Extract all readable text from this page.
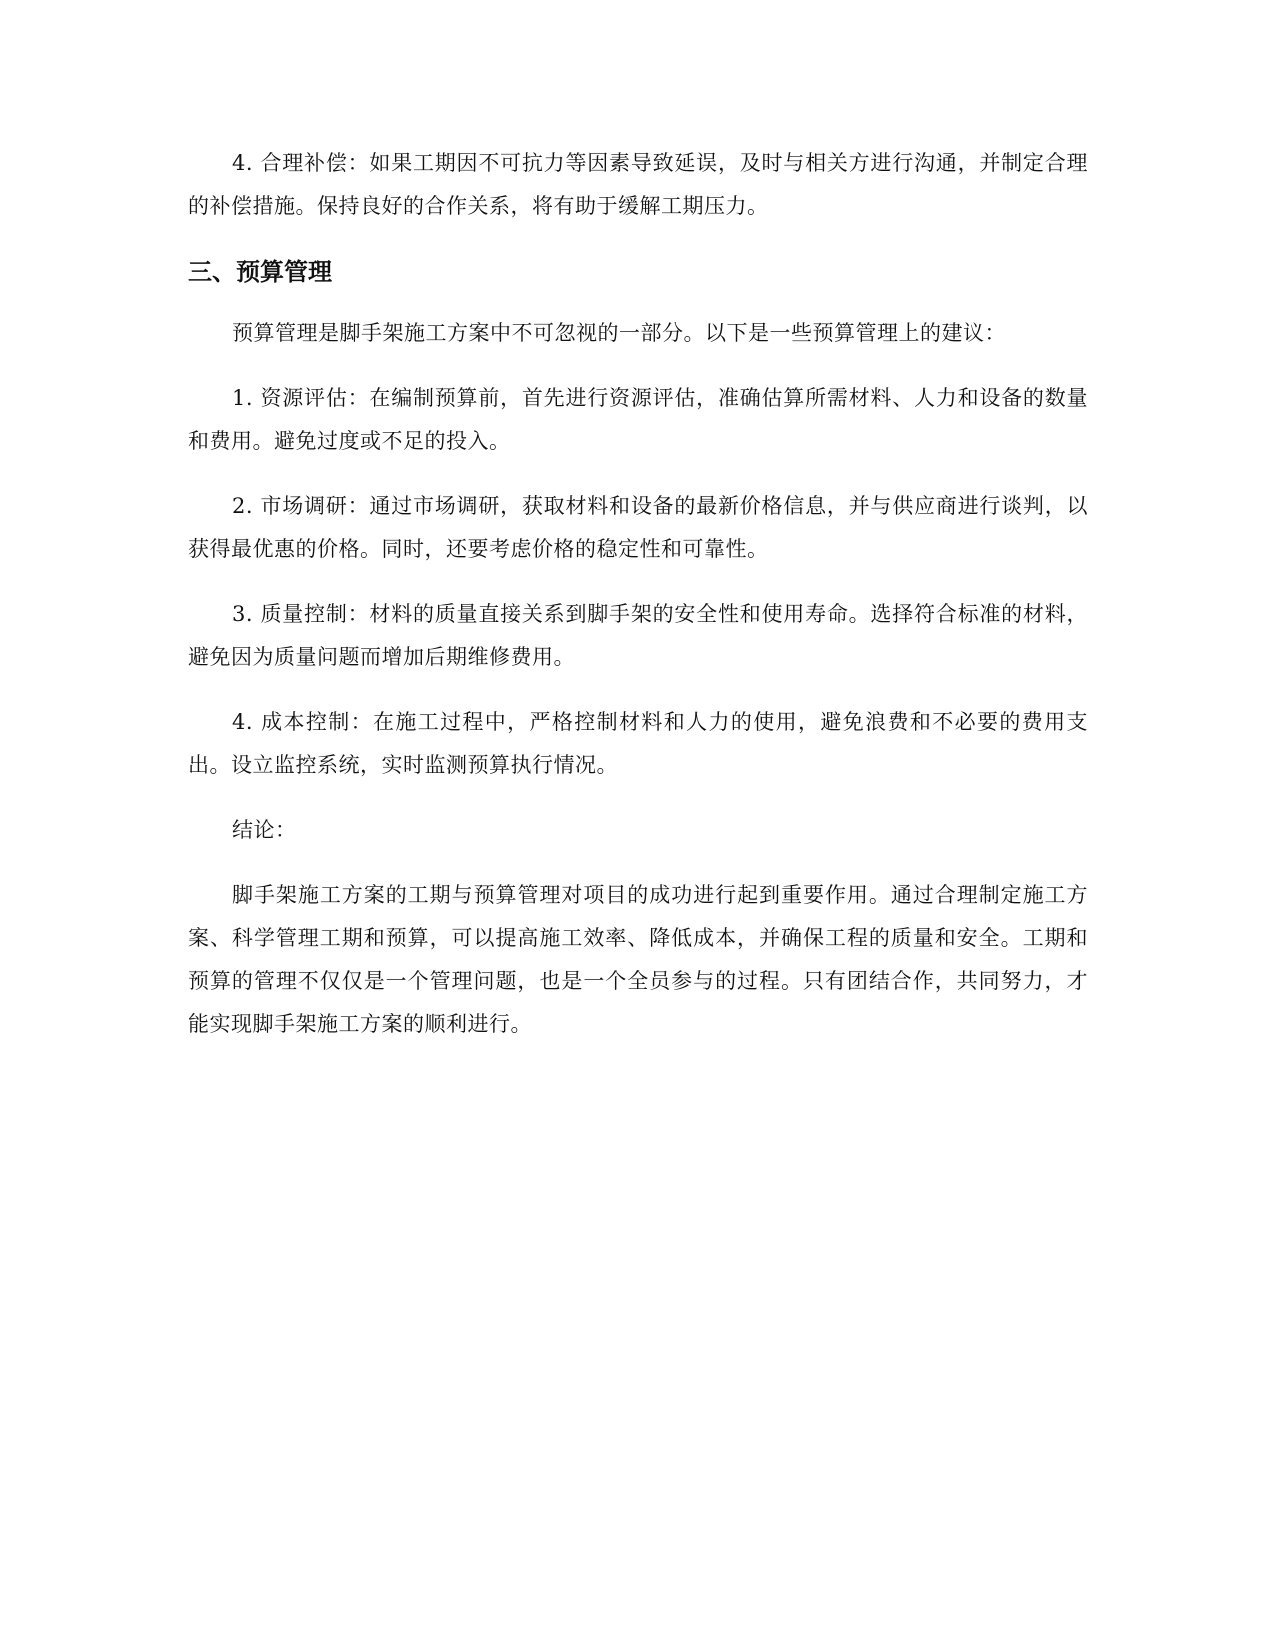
4. 合理补偿：如果工期因不可抗力等因素导致延误，及时与相关方进行沟通，并制定合理的补偿措施。保持良好的合作关系，将有助于缓解工期压力。

三、预算管理

预算管理是脚手架施工方案中不可忽视的一部分。以下是一些预算管理上的建议：

1. 资源评估：在编制预算前，首先进行资源评估，准确估算所需材料、人力和设备的数量和费用。避免过度或不足的投入。

2. 市场调研：通过市场调研，获取材料和设备的最新价格信息，并与供应商进行谈判，以获得最优惠的价格。同时，还要考虑价格的稳定性和可靠性。

3. 质量控制：材料的质量直接关系到脚手架的安全性和使用寿命。选择符合标准的材料，避免因为质量问题而增加后期维修费用。

4. 成本控制：在施工过程中，严格控制材料和人力的使用，避免浪费和不必要的费用支出。设立监控系统，实时监测预算执行情况。

结论：

脚手架施工方案的工期与预算管理对项目的成功进行起到重要作用。通过合理制定施工方案、科学管理工期和预算，可以提高施工效率、降低成本，并确保工程的质量和安全。工期和预算的管理不仅仅是一个管理问题，也是一个全员参与的过程。只有团结合作，共同努力，才能实现脚手架施工方案的顺利进行。
